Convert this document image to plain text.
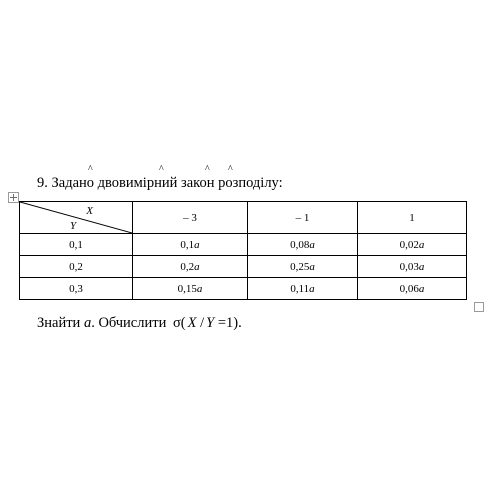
9. Задано двовимірний закон розподілу:
^	^	^ ^
X
Y	– 3	– 1	1
0,1	0,1a	0,08a	0,02a
0,2	0,2a	0,25a	0,03a
0,3	0,15a	0,11a	0,06a
Знайти a. Обчислити σ( X / Y =1).
